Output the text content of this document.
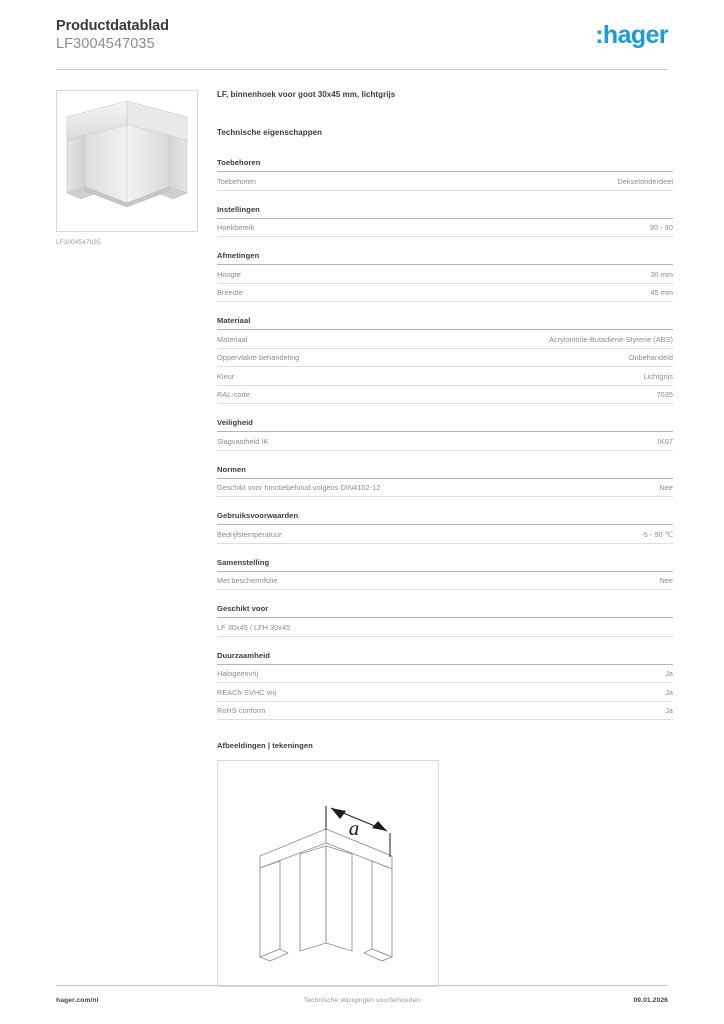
Productdatablad
LF3004547035	:hager
LF3004547035
LF, binnenhoek voor goot 30x45 mm, lichtgrijs
Technische eigenschappen
Toebehoren
Toebehoren	Dekselonderdeel
Instellingen
Hoekbereik	90 - 90
Afmetingen
Hoogte	30 mm
Breedte	45 mm
Materiaal
Materiaal	Acrylonitrile-Butadiene-Styrene (ABS)
Oppervlakte behandeling	Onbehandeld
Kleur	Lichtgrijs
RAL-code	7035
Veiligheid
Slagvastheid IK	IK07
Normen
Geschikt voor functiebehoud volgens DIN4102-12	Nee
Gebruiksvoorwaarden
Bedrijfstemperatuur	-5 - 90 ℃
Samenstelling
Met beschermfolie	Nee
Geschikt voor
LF 30x45 / LFH 30x45
Duurzaamheid
Halogeenvrij	Ja
REACh-SVHC vrij	Ja
RoHS conform	Ja
Afbeeldingen | tekeningen
a
Technische wijzigingen voorbehouden
hager.com/nl	09.01.2026
